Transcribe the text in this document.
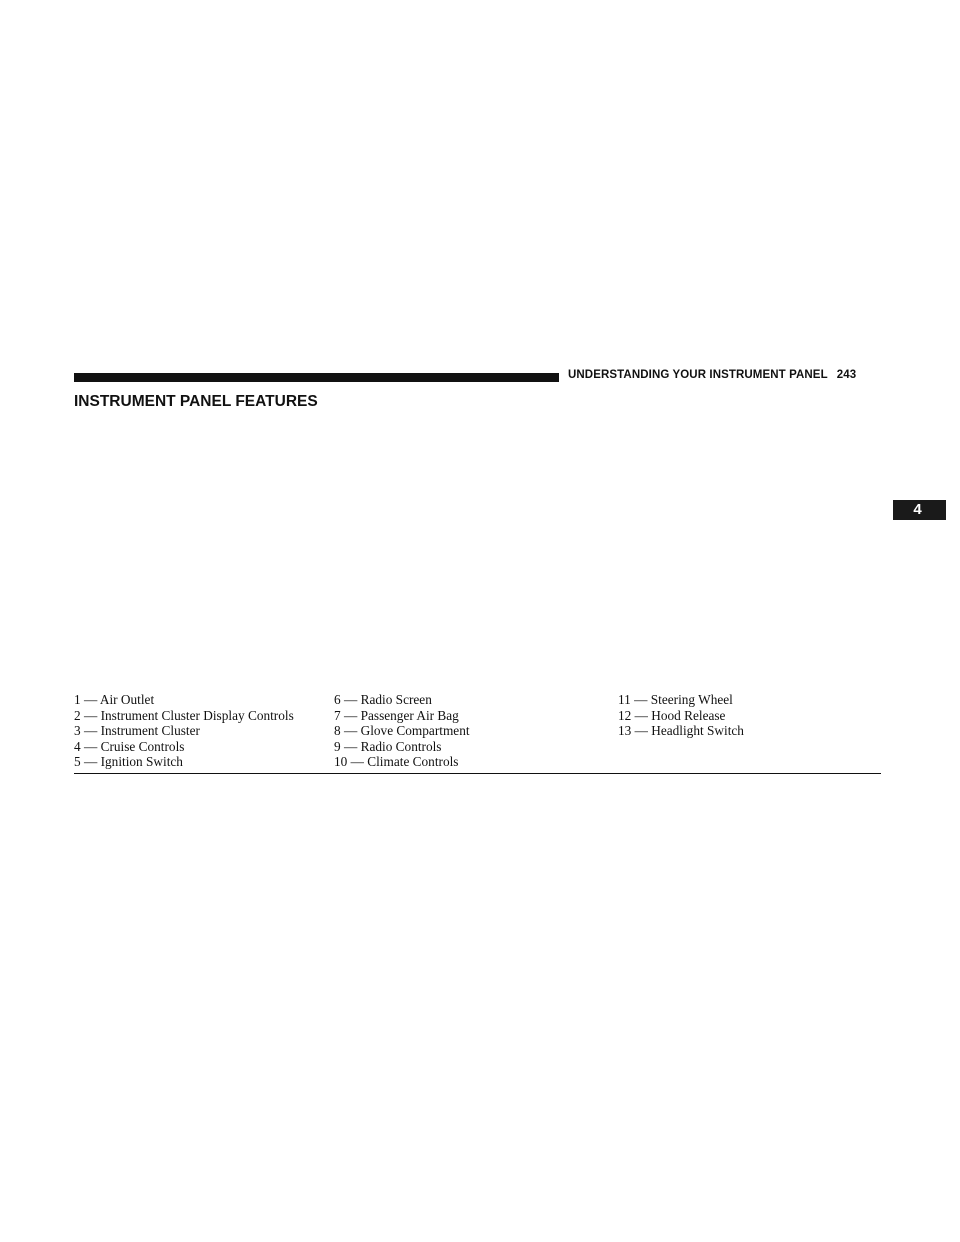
UNDERSTANDING YOUR INSTRUMENT PANEL 243
INSTRUMENT PANEL FEATURES
4
1 — Air Outlet
2 — Instrument Cluster Display Controls
3 — Instrument Cluster
4 — Cruise Controls
5 — Ignition Switch
6 — Radio Screen
7 — Passenger Air Bag
8 — Glove Compartment
9 — Radio Controls
10 — Climate Controls
11 — Steering Wheel
12 — Hood Release
13 — Headlight Switch
